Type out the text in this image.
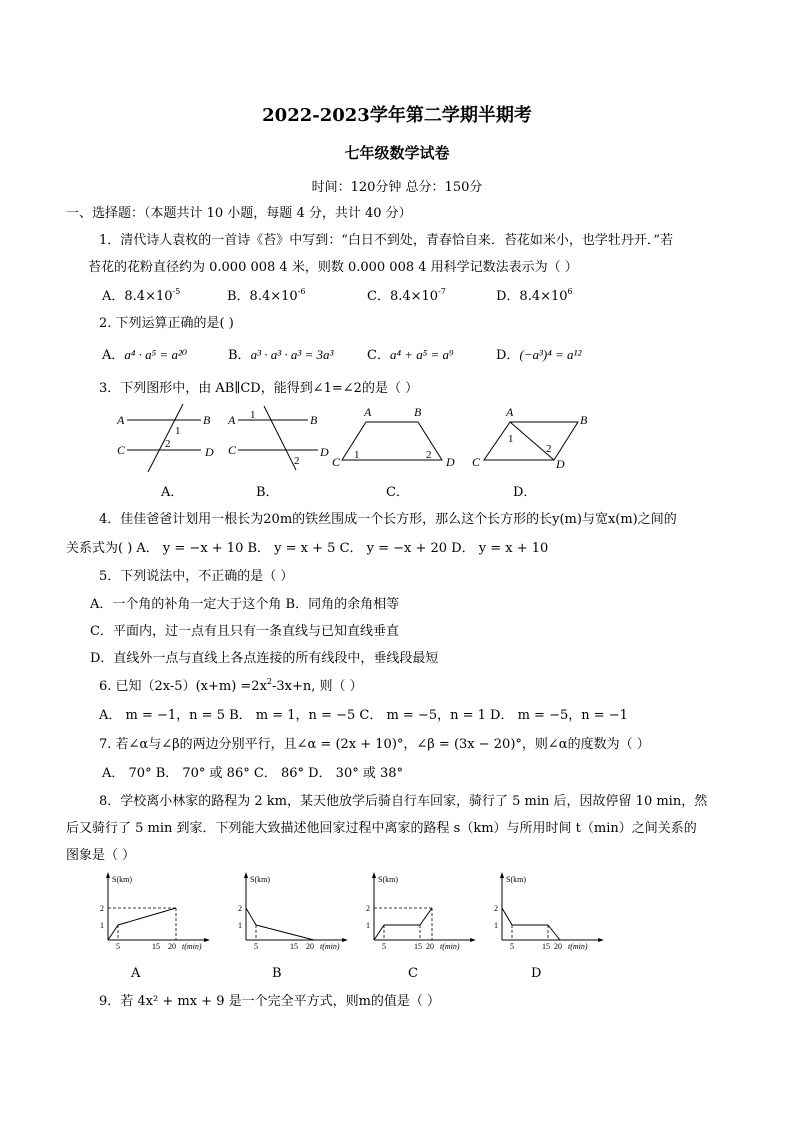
2022-2023学年第二学期半期考
七年级数学试卷
时间：120分钟 总分：150分
一、选择题：（本题共计 10 小题，每题 4 分，共计 40 分）
1．清代诗人袁枚的一首诗《苔》中写到：“白日不到处，青春恰自来．苔花如米小，也学牡丹开．”若
苔花的花粉直径约为 0.000 008 4 米，则数 0.000 008 4 用科学记数法表示为（ ）
A．$8.4\times 10^{-5}$	B．$8.4\times 10^{-6}$	C．$8.4\times 10^{-7}$	D．$8.4\times 10^6$
2. 下列运算正确的是( )
A．a⁴ · a⁵ = a²⁰	B．a³ · a³ · a³ = 3a³	C．a⁴ + a⁵ = a⁹	D．(−a³)⁴ = a¹²
3．下列图形中，由 AB∥CD，能得到∠1=∠2的是（ ）
A	B
C	D
1
2
A．
A	B
C	D
1
2
B．
A	B
C	D
1	2
C．
A
B
C	D
1
2
D．
4．佳佳爸爸计划用一根长为20m的铁丝围成一个长方形，那么这个长方形的长y(m)与宽x(m)之间的
关系式为( ) A． y = −x + 10 B． y = x + 5 C． y = −x + 20 D． y = x + 10
5．下列说法中，不正确的是（ ）
A．一个角的补角一定大于这个角 B．同角的余角相等
C．平面内，过一点有且只有一条直线与已知直线垂直
D．直线外一点与直线上各点连接的所有线段中，垂线段最短
6. 已知$(2x-5)(x+m) =2x^2-3x+n$, 则（ ）
A． m = −1，n = 5 B． m = 1，n = −5 C． m = −5，n = 1 D． m = −5，n = −1
7. 若∠α与∠β的两边分别平行，且∠α = (2x + 10)°，∠β = (3x − 20)°，则∠α的度数为（ ）
A． 70° B． 70° 或 86° C． 86° D． 30° 或 38°
8．学校离小林家的路程为 2 km，某天他放学后骑自行车回家，骑行了 5 min 后，因故停留 10 min，然
后又骑行了 5 min 到家．下列能大致描述他回家过程中离家的路程 s（km）与所用时间 t（min）之间关系的
图象是（ ）
S(km)
2
1
5	15 20 t(min)
A
S(km)
2
1
5	15 20 t(min)
B
S(km)
2
1
5	15 20 t(min)
C
S(km)
2
1
5	15 20 t(min)
D
9．若 4x² + mx + 9 是一个完全平方式，则m的值是（ ）
